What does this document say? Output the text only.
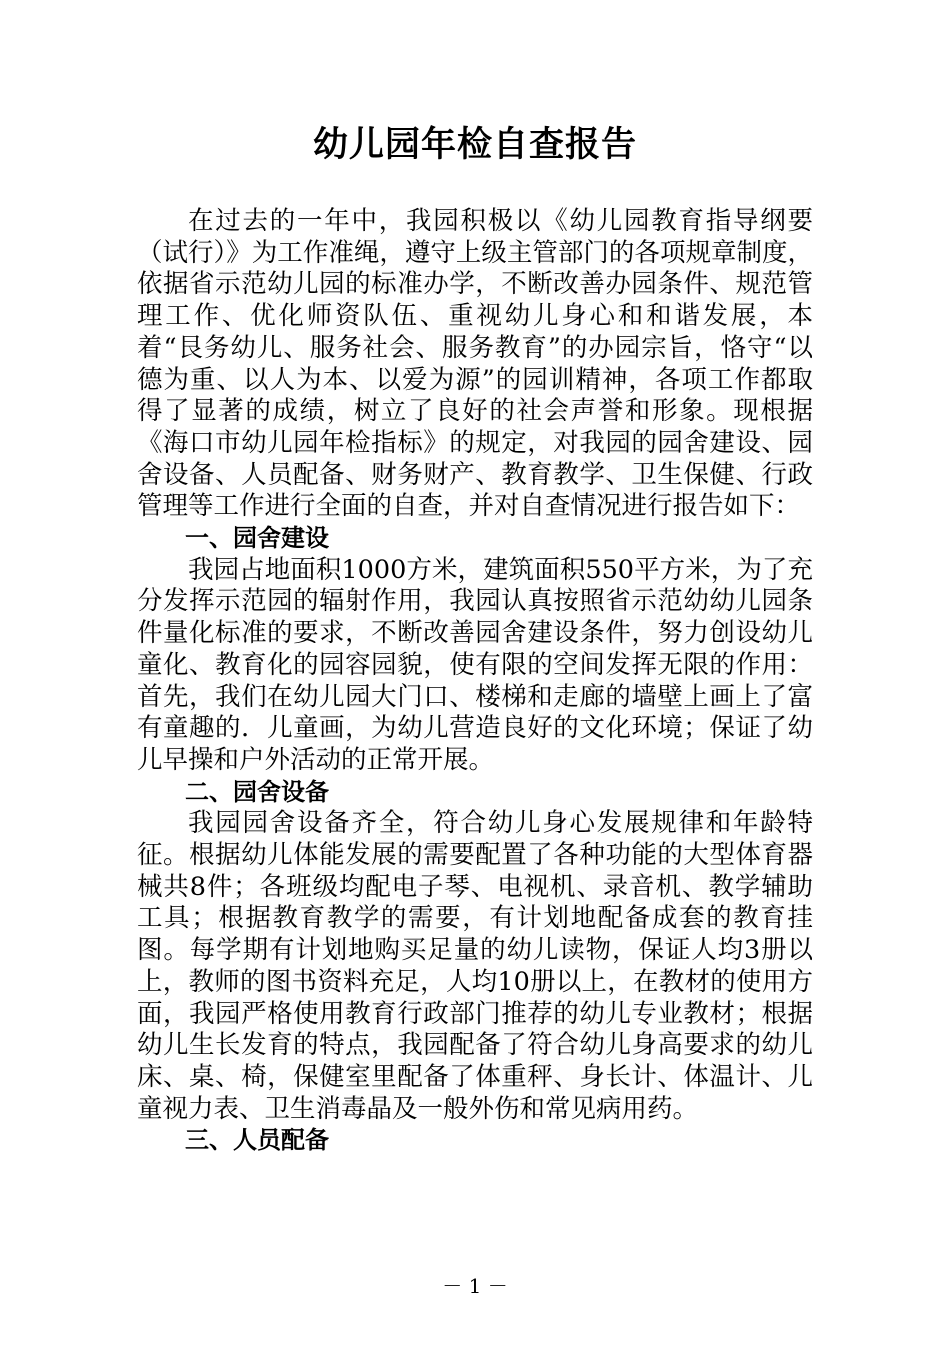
幼儿园年检自查报告

在过去的一年中，我园积极以《幼儿园教育指导纲要（试行）》为工作准绳，遵守上级主管部门的各项规章制度，依据省示范幼儿园的标准办学，不断改善办园条件、规范管理工作、优化师资队伍、重视幼儿身心和和谐发展，本着“艮务幼儿、服务社会、服务教育”的办园宗旨，恪守“以德为重、以人为本、以爱为源”的园训精神，各项工作都取得了显著的成绩，树立了良好的社会声誉和形象。现根据《海口市幼儿园年检指标》的规定，对我园的园舍建设、园舍设备、人员配备、财务财产、教育教学、卫生保健、行政管理等工作进行全面的自查，并对自查情况进行报告如下：

一、园舍建设

我园占地面积1000方米，建筑面积550平方米，为了充分发挥示范园的辐射作用，我园认真按照省示范幼幼儿园条件量化标准的要求，不断改善园舍建设条件，努力创设幼儿童化、教育化的园容园貌，使有限的空间发挥无限的作用：首先，我们在幼儿园大门口、楼梯和走廊的墙壁上画上了富有童趣的．儿童画，为幼儿营造良好的文化环境；保证了幼儿早操和户外活动的正常开展。

二、园舍设备

我园园舍设备齐全，符合幼儿身心发展规律和年龄特征。根据幼儿体能发展的需要配置了各种功能的大型体育器械共8件；各班级均配电子琴、电视机、录音机、教学辅助工具；根据教育教学的需要，有计划地配备成套的教育挂图。每学期有计划地购买足量的幼儿读物，保证人均3册以上，教师的图书资料充足，人均10册以上，在教材的使用方面，我园严格使用教育行政部门推荐的幼儿专业教材；根据幼儿生长发育的特点，我园配备了符合幼儿身高要求的幼儿床、桌、椅，保健室里配备了体重秤、身长计、体温计、儿童视力表、卫生消毒晶及一般外伤和常见病用药。

三、人员配备
－ 1 －
